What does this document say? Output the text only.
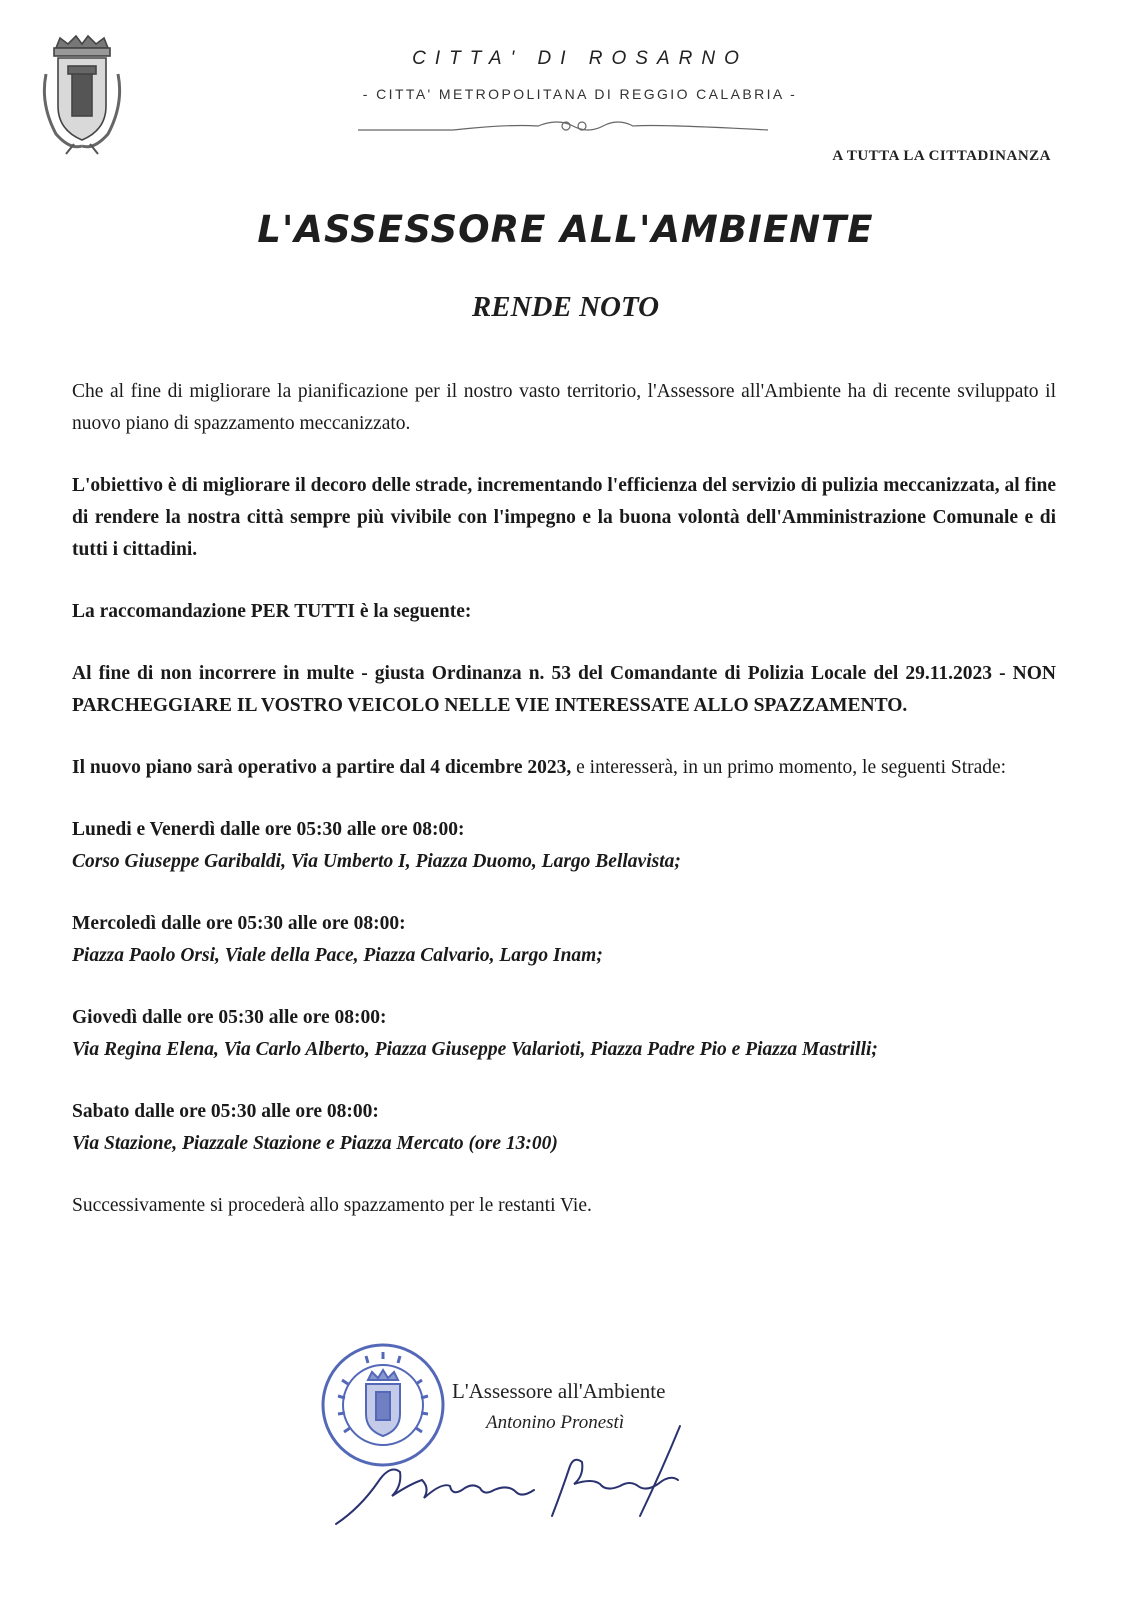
CITTA' DI ROSARNO
- CITTA' METROPOLITANA DI REGGIO CALABRIA -
A TUTTA LA CITTADINANZA
L'ASSESSORE ALL'AMBIENTE
RENDE NOTO

Che al fine di migliorare la pianificazione per il nostro vasto territorio, l'Assessore all'Ambiente ha di recente sviluppato il nuovo piano di spazzamento meccanizzato.

L'obiettivo è di migliorare il decoro delle strade, incrementando l'efficienza del servizio di pulizia meccanizzata, al fine di rendere la nostra città sempre più vivibile con l'impegno e la buona volontà dell'Amministrazione Comunale e di tutti i cittadini.

La raccomandazione PER TUTTI è la seguente:

Al fine di non incorrere in multe - giusta Ordinanza n. 53 del Comandante di Polizia Locale del 29.11.2023 - NON PARCHEGGIARE IL VOSTRO VEICOLO NELLE VIE INTERESSATE ALLO SPAZZAMENTO.

Il nuovo piano sarà operativo a partire dal 4 dicembre 2023, e interesserà, in un primo momento, le seguenti Strade:

Lunedi e Venerdì dalle ore 05:30 alle ore 08:00:
Corso Giuseppe Garibaldi, Via Umberto I, Piazza Duomo, Largo Bellavista;
Mercoledì dalle ore 05:30 alle ore 08:00:
Piazza Paolo Orsi, Viale della Pace, Piazza Calvario, Largo Inam;
Giovedì dalle ore 05:30 alle ore 08:00:
Via Regina Elena, Via Carlo Alberto, Piazza Giuseppe Valarioti, Piazza Padre Pio e Piazza Mastrilli;
Sabato dalle ore 05:30 alle ore 08:00:
Via Stazione, Piazzale Stazione e Piazza Mercato (ore 13:00)

Successivamente si procederà allo spazzamento per le restanti Vie.

L'Assessore all'Ambiente
Antonino Pronestì
